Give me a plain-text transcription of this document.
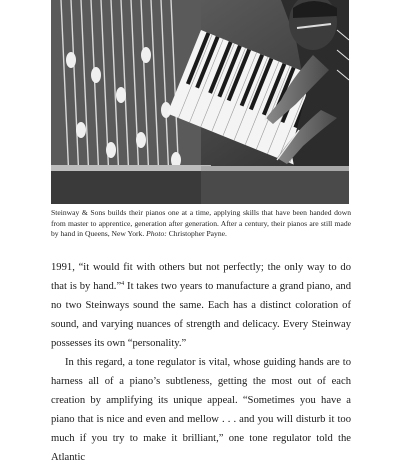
Steinway & Sons builds their pianos one at a time, applying skills that have been handed down from master to apprentice, generation after generation. After a century, their pianos are still made by hand in Queens, New York. Photo: Christopher Payne.

1991, “it would fit with others but not perfectly; the only way to do that is by hand.”$^4$ It takes two years to manufacture a grand piano, and no two Steinways sound the same. Each has a distinct coloration of sound, and varying nuances of strength and delicacy. Every Steinway possesses its own “personality.”

In this regard, a tone regulator is vital, whose guiding hands are to harness all of a piano’s subtleness, getting the most out of each creation by amplifying its unique appeal. “Sometimes you have a piano that is nice and even and mellow . . . and you will disturb it too much if you try to make it brilliant,” one tone regulator told the Atlantic
